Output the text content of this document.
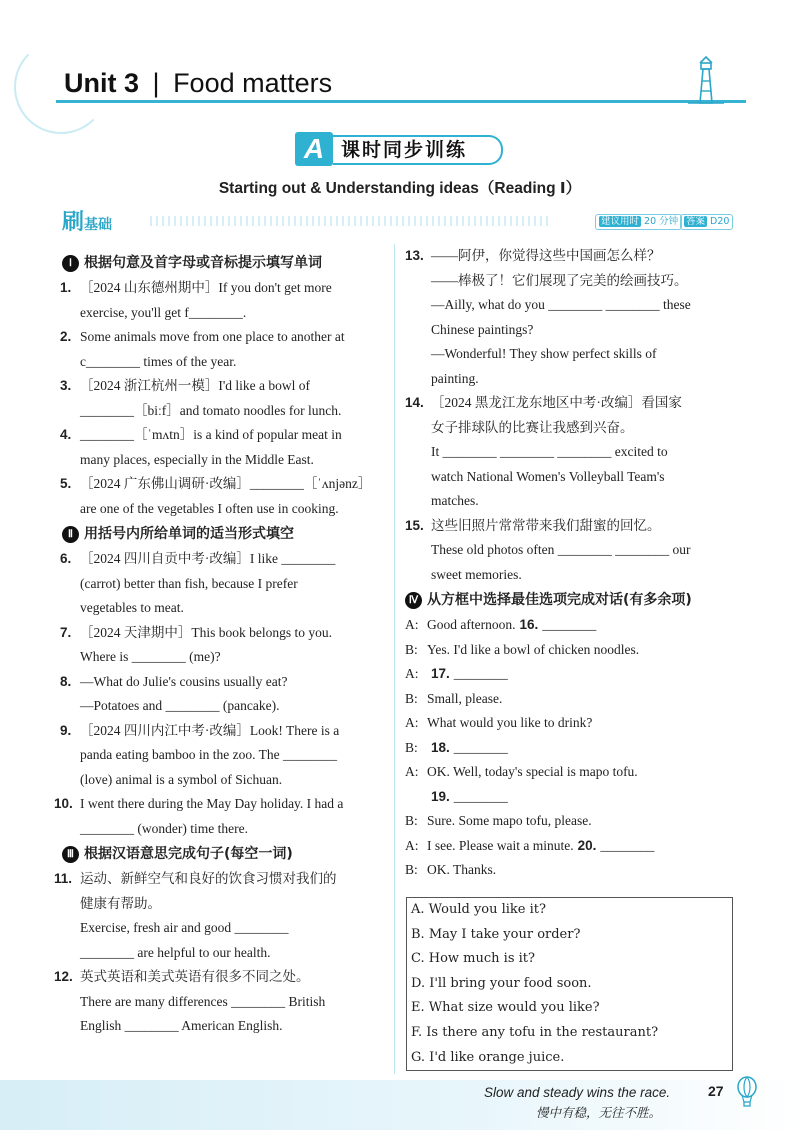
Unit 3 | Food matters
A 课时同步训练
Starting out & Understanding ideas（Reading Ⅰ）
刷基础	建议用时 20 分钟 答案 D20
Ⅰ 根据句意及首字母或音标提示填写单词
1. ［2024 山东德州期中］If you don't get more
exercise, you'll get f________.
2. Some animals move from one place to another at
c________ times of the year.
3. ［2024 浙江杭州一模］I'd like a bowl of
________［biːf］and tomato noodles for lunch.
4. ________［ˈmʌtn］is a kind of popular meat in
many places, especially in the Middle East.
5. ［2024 广东佛山调研·改编］________［ˈʌnjənz］
are one of the vegetables I often use in cooking.
Ⅱ 用括号内所给单词的适当形式填空
6. ［2024 四川自贡中考·改编］I like ________
(carrot) better than fish, because I prefer
vegetables to meat.
7. ［2024 天津期中］This book belongs to you.
Where is ________ (me)?
8. —What do Julie's cousins usually eat?
—Potatoes and ________ (pancake).
9. ［2024 四川内江中考·改编］Look! There is a
panda eating bamboo in the zoo. The ________
(love) animal is a symbol of Sichuan.
10. I went there during the May Day holiday. I had a
________ (wonder) time there.
Ⅲ 根据汉语意思完成句子(每空一词)
11. 运动、新鲜空气和良好的饮食习惯对我们的
健康有帮助。
Exercise, fresh air and good ________
________ are helpful to our health.
12. 英式英语和美式英语有很多不同之处。
There are many differences ________ British
English ________ American English.
13. ——阿伊，你觉得这些中国画怎么样？
——棒极了！它们展现了完美的绘画技巧。
—Ailly, what do you ________ ________ these
Chinese paintings?
—Wonderful! They show perfect skills of
painting.
14. ［2024 黑龙江龙东地区中考·改编］看国家
女子排球队的比赛让我感到兴奋。
It ________ ________ ________ excited to
watch National Women's Volleyball Team's
matches.
15. 这些旧照片常常带来我们甜蜜的回忆。
These old photos often ________ ________ our
sweet memories.
Ⅳ 从方框中选择最佳选项完成对话(有多余项)
A: Good afternoon. 16. ________
B: Yes. I'd like a bowl of chicken noodles.
A: 17. ________
B: Small, please.
A: What would you like to drink?
B: 18. ________
A: OK. Well, today's special is mapo tofu.
19. ________
B: Sure. Some mapo tofu, please.
A: I see. Please wait a minute. 20. ________
B: OK. Thanks.
A. Would you like it?
B. May I take your order?
C. How much is it?
D. I'll bring your food soon.
E. What size would you like?
F. Is there any tofu in the restaurant?
G. I'd like orange juice.
Slow and steady wins the race.	27
慢中有稳，无往不胜。
